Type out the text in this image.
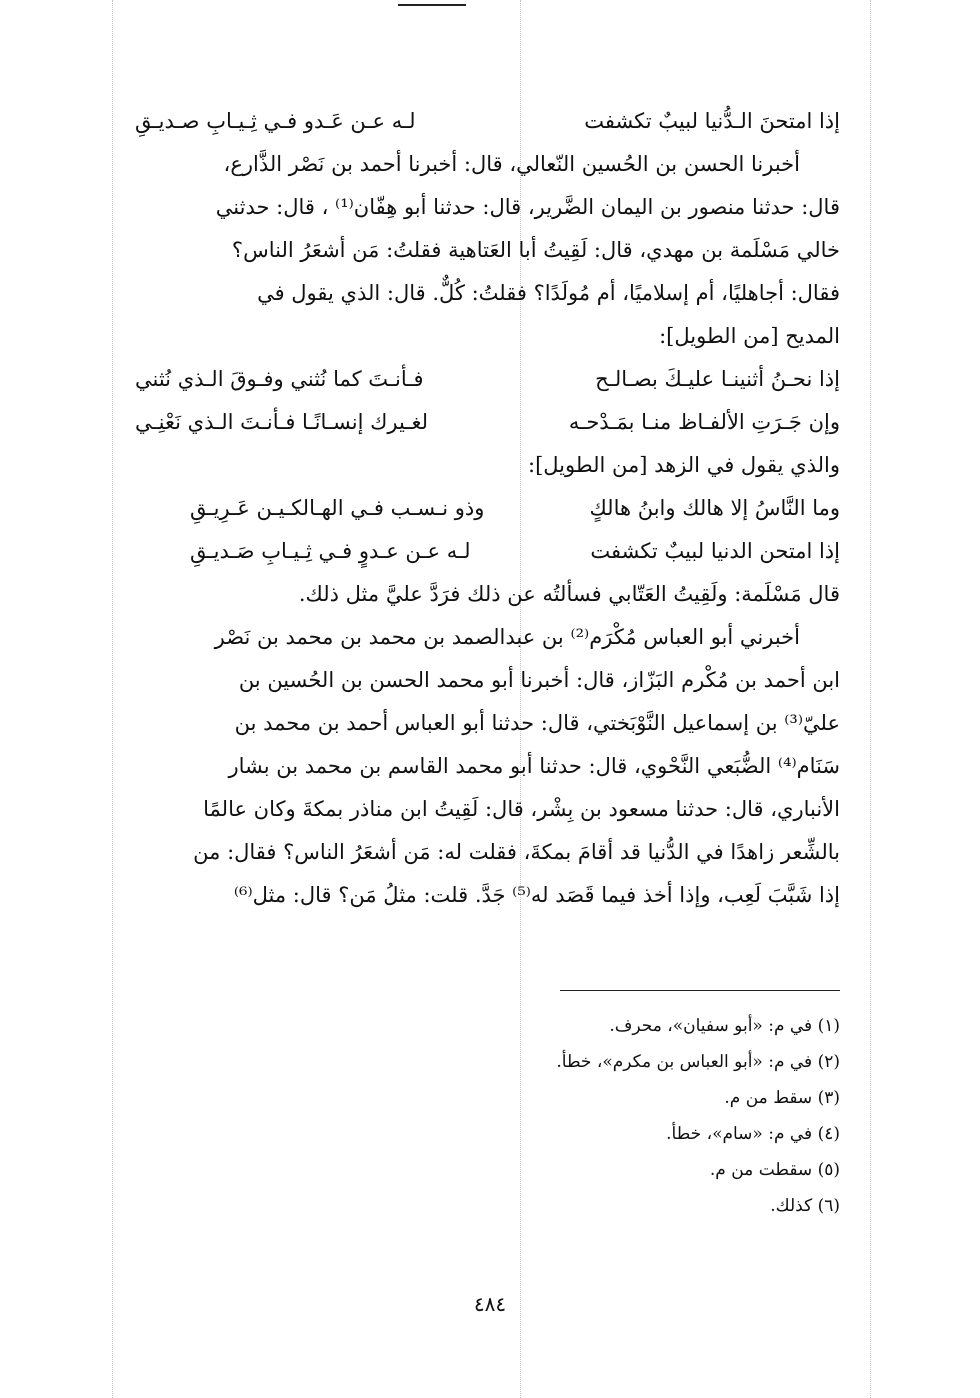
إذا امتحنَ الـدُّنيا لبيبٌ تكشفت
لـه عـن عَـدو فـي ثِـيـابِ صـديـقِ

أخبرنا الحسن بن الحُسين النّعالي، قال: أخبرنا أحمد بن نَصْر الذَّارع،

قال: حدثنا منصور بن اليمان الضَّرير، قال: حدثنا أبو هِفّان⁽¹⁾ ، قال: حدثني

خالي مَسْلَمة بن مهدي، قال: لَقِيتُ أبا العَتاهية فقلتُ: مَن أشعَرُ الناس؟

فقال: أجاهليًا، أم إسلاميًا، أم مُولَدًا؟ فقلتُ: كُلٌّ. قال: الذي يقول في

المديح [من الطويل]:

إذا نحـنُ أثنينـا عليـكَ بصـالـح
فـأنـتَ كما نُثني وفـوقَ الـذي نُثني
وإن جَـرَتِ الألفـاظ منـا بمَـدْحـه
لغـيرك إنسـانًـا فـأنـتَ الـذي نَعْنِـي

والذي يقول في الزهد [من الطويل]:

وما النَّاسُ إلا هالك وابنُ هالكٍ
وذو نـسـب فـي الهـالكـيـن عَـرِيـقِ
إذا امتحن الدنيا لبيبٌ تكشفت
لـه عـن عـدوٍ فـي ثِـيـابِ صَـديـقِ

قال مَسْلَمة: ولَقِيتُ العَتّابي فسألتُه عن ذلك فرَدَّ عليَّ مثل ذلك.

أخبرني أبو العباس مُكْرَم⁽²⁾ بن عبدالصمد بن محمد بن محمد بن نَصْر

ابن أحمد بن مُكْرم البَزّاز، قال: أخبرنا أبو محمد الحسن بن الحُسين بن

عليّ⁽³⁾ بن إسماعيل النَّوْبَختي، قال: حدثنا أبو العباس أحمد بن محمد بن

سَنَام⁽⁴⁾ الضُّبَعي النَّحْوي، قال: حدثنا أبو محمد القاسم بن محمد بن بشار

الأنباري، قال: حدثنا مسعود بن بِشْر، قال: لَقِيتُ ابن مناذر بمكةَ وكان عالمًا

بالشِّعر زاهدًا في الدُّنيا قد أقامَ بمكةَ، فقلت له: مَن أشعَرُ الناس؟ فقال: من

إذا شَبَّبَ لَعِب، وإذا أخذ فيما قَصَد له⁽⁵⁾ جَدَّ. قلت: مثلُ مَن؟ قال: مثل⁽⁶⁾

(١) في م: «أبو سفيان»، محرف.

(٢) في م: «أبو العباس بن مكرم»، خطأ.

(٣) سقط من م.

(٤) في م: «سام»، خطأ.

(٥) سقطت من م.

(٦) كذلك.

٤٨٤
